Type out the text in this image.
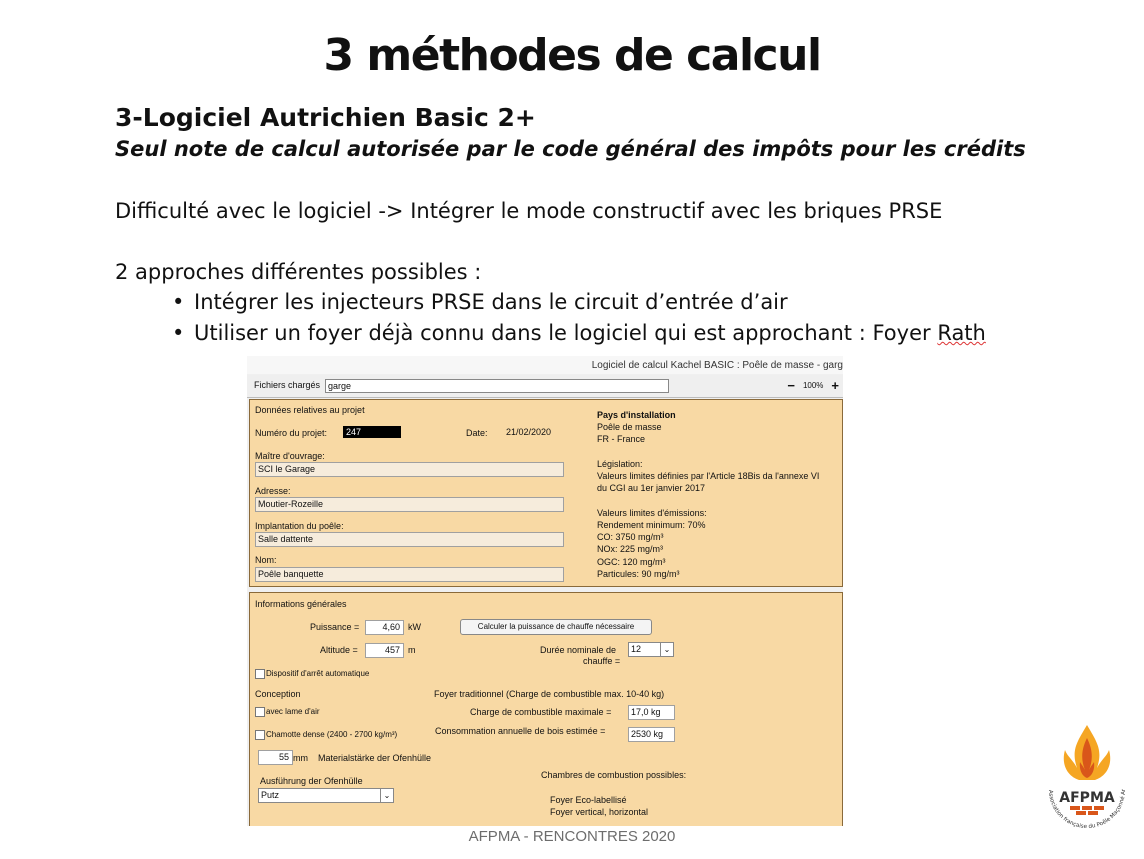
3 méthodes de calcul
3-Logiciel Autrichien Basic 2+
Seul note de calcul autorisée par le code général des impôts pour les crédits
Difficulté avec le logiciel -> Intégrer le mode constructif avec les briques PRSE
2 approches différentes possibles :
• Intégrer les injecteurs PRSE dans le circuit d’entrée d’air
• Utiliser un foyer déjà connu dans le logiciel qui est approchant : Foyer Rath
Logiciel de calcul Kachel BASIC : Poêle de masse - garg
Fichiers chargés garge	− 100% +
Données relatives au projet
Numéro du projet:	247	Date: 21/02/2020
Maître d'ouvrage:
SCI le Garage
Adresse:
Moutier-Rozeille
Implantation du poêle:
Salle dattente
Nom:
Poêle banquette
Pays d'installation
Poêle de masse
FR - France
Législation:
Valeurs limites définies par l'Article 18Bis da l'annexe VI
du CGI au 1er janvier 2017
Valeurs limites d'émissions:
Rendement minimum: 70%
CO: 3750 mg/m³
NOx: 225 mg/m³
OGC: 120 mg/m³
Particules: 90 mg/m³
Informations générales
Puissance =	4,60 kW	Calculer la puissance de chauffe nécessaire
Altitude =	457 m	Durée nominale de
chauffe =
12	⌄
Dispositif d'arrêt automatique
Conception	Foyer traditionnel (Charge de combustible max. 10-40 kg)
avec lame d'air	Charge de combustible maximale =	17,0 kg
Chamotte dense (2400 - 2700 kg/m³)	Consommation annuelle de bois estimée =	2530 kg
55 mm Materialstärke der Ofenhülle
Ausführung der Ofenhülle
Putz	⌄
Chambres de combustion possibles:
Foyer Eco-labellisé
Foyer vertical, horizontal
AFPMA - RENCONTRES 2020
AFPMA
Association française du Poêle Maçonné Ar
